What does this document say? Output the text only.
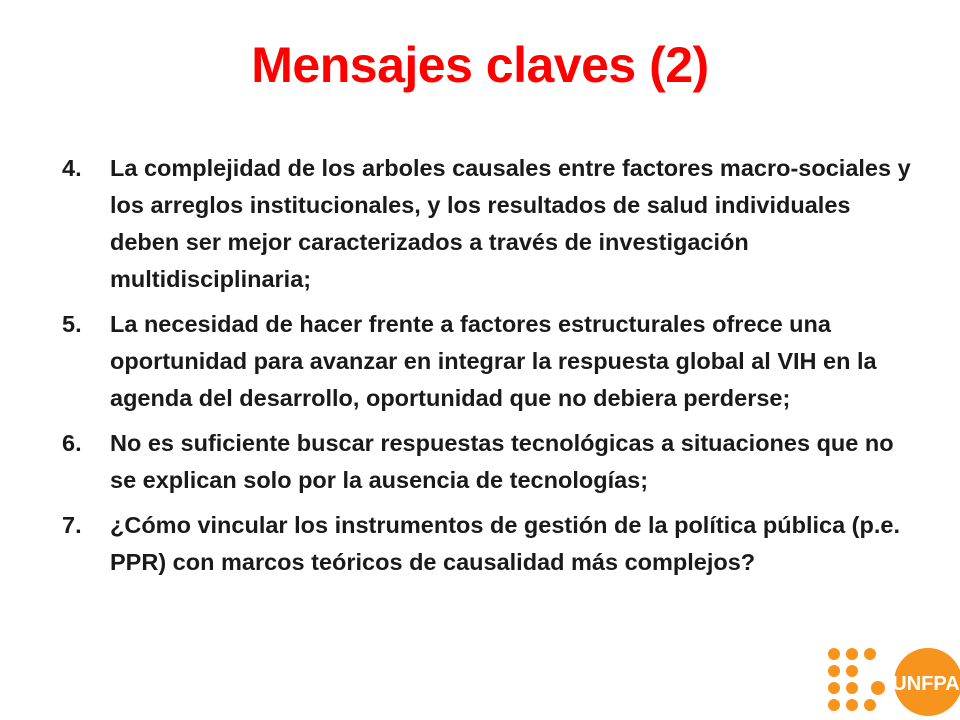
Mensajes claves (2)
4.	La complejidad de los arboles causales entre factores macro-sociales y los arreglos institucionales, y los resultados de salud individuales deben ser mejor caracterizados a través de investigación multidisciplinaria;
5.	La necesidad de hacer frente a factores estructurales ofrece una oportunidad para avanzar en integrar la respuesta global al VIH en la agenda del desarrollo, oportunidad que no debiera perderse;
6.	No es suficiente buscar respuestas tecnológicas a situaciones que no se explican solo por la ausencia de tecnologías;
7.	¿Cómo vincular los instrumentos de gestión de la política pública (p.e. PPR) con marcos teóricos de causalidad más complejos?
UNFPA
